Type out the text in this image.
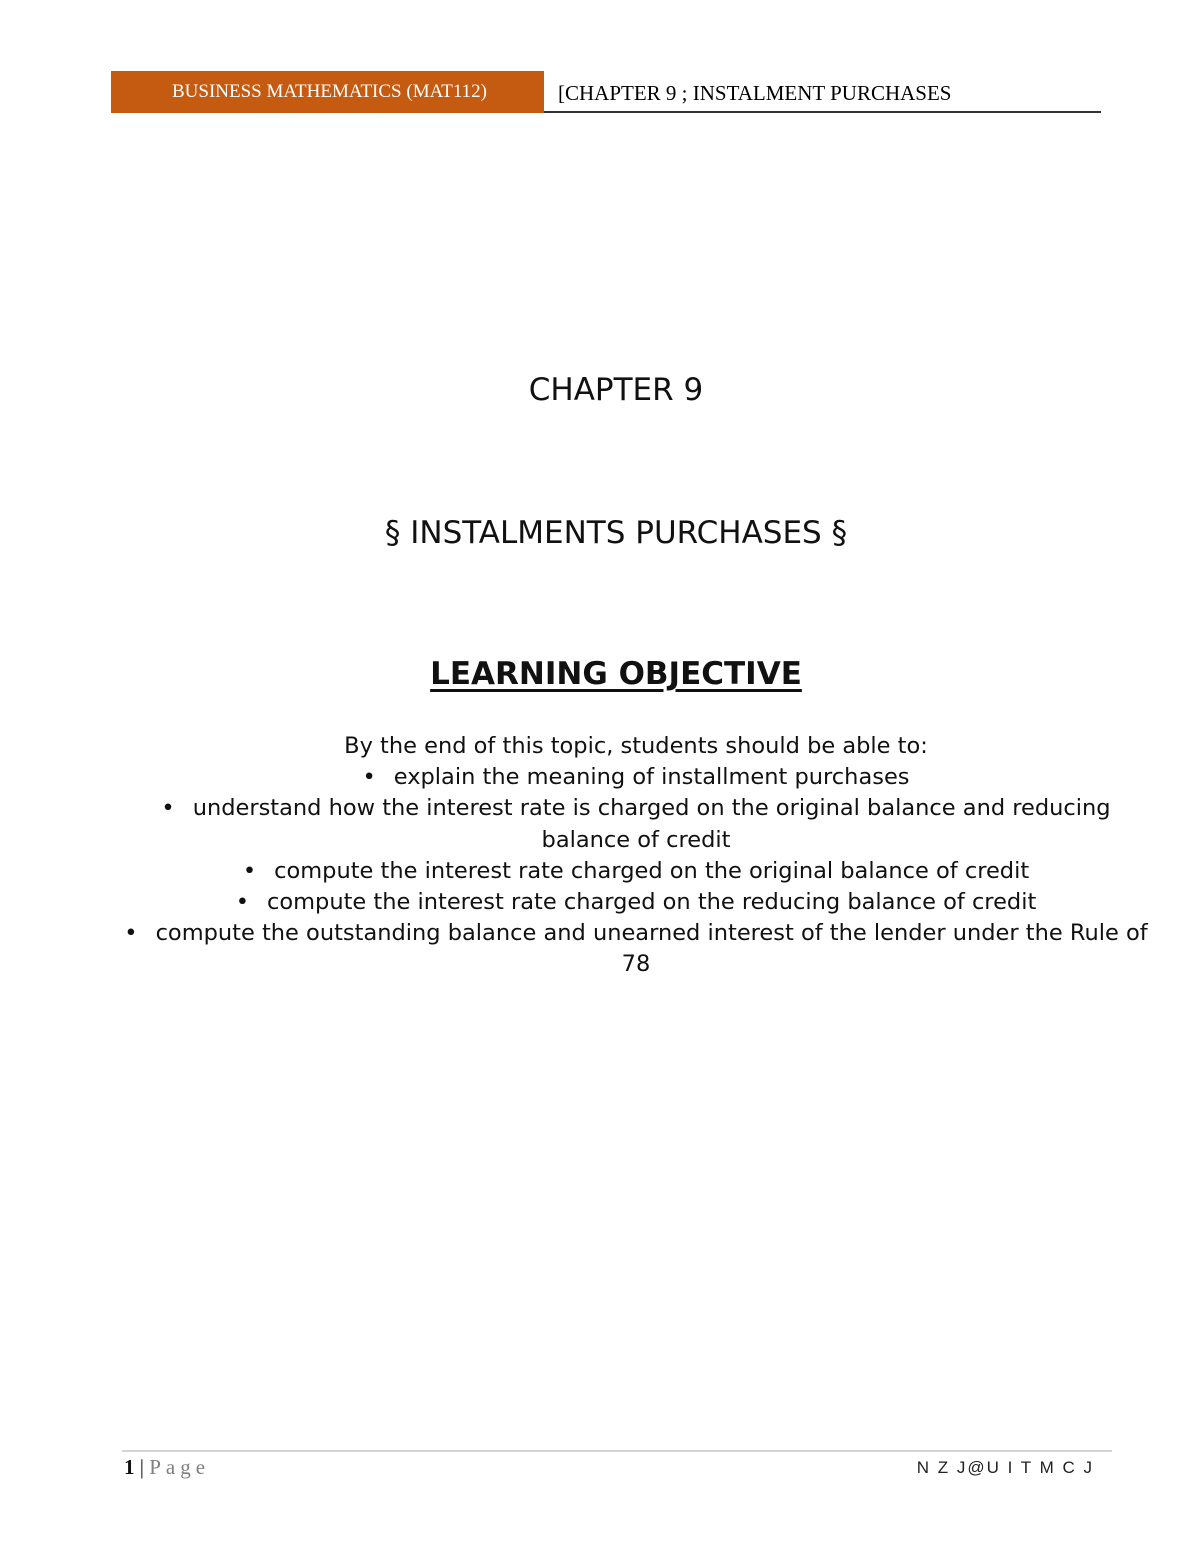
BUSINESS MATHEMATICS (MAT112)	[CHAPTER 9 ; INSTALMENT PURCHASES
CHAPTER 9
§ INSTALMENTS PURCHASES §
LEARNING OBJECTIVE
By the end of this topic, students should be able to:
• explain the meaning of installment purchases
• understand how the interest rate is charged on the original balance and reducing balance of credit
• compute the interest rate charged on the original balance of credit
• compute the interest rate charged on the reducing balance of credit
• compute the outstanding balance and unearned interest of the lender under the Rule of 78
1 | Page	N Z J@U I T M C J
